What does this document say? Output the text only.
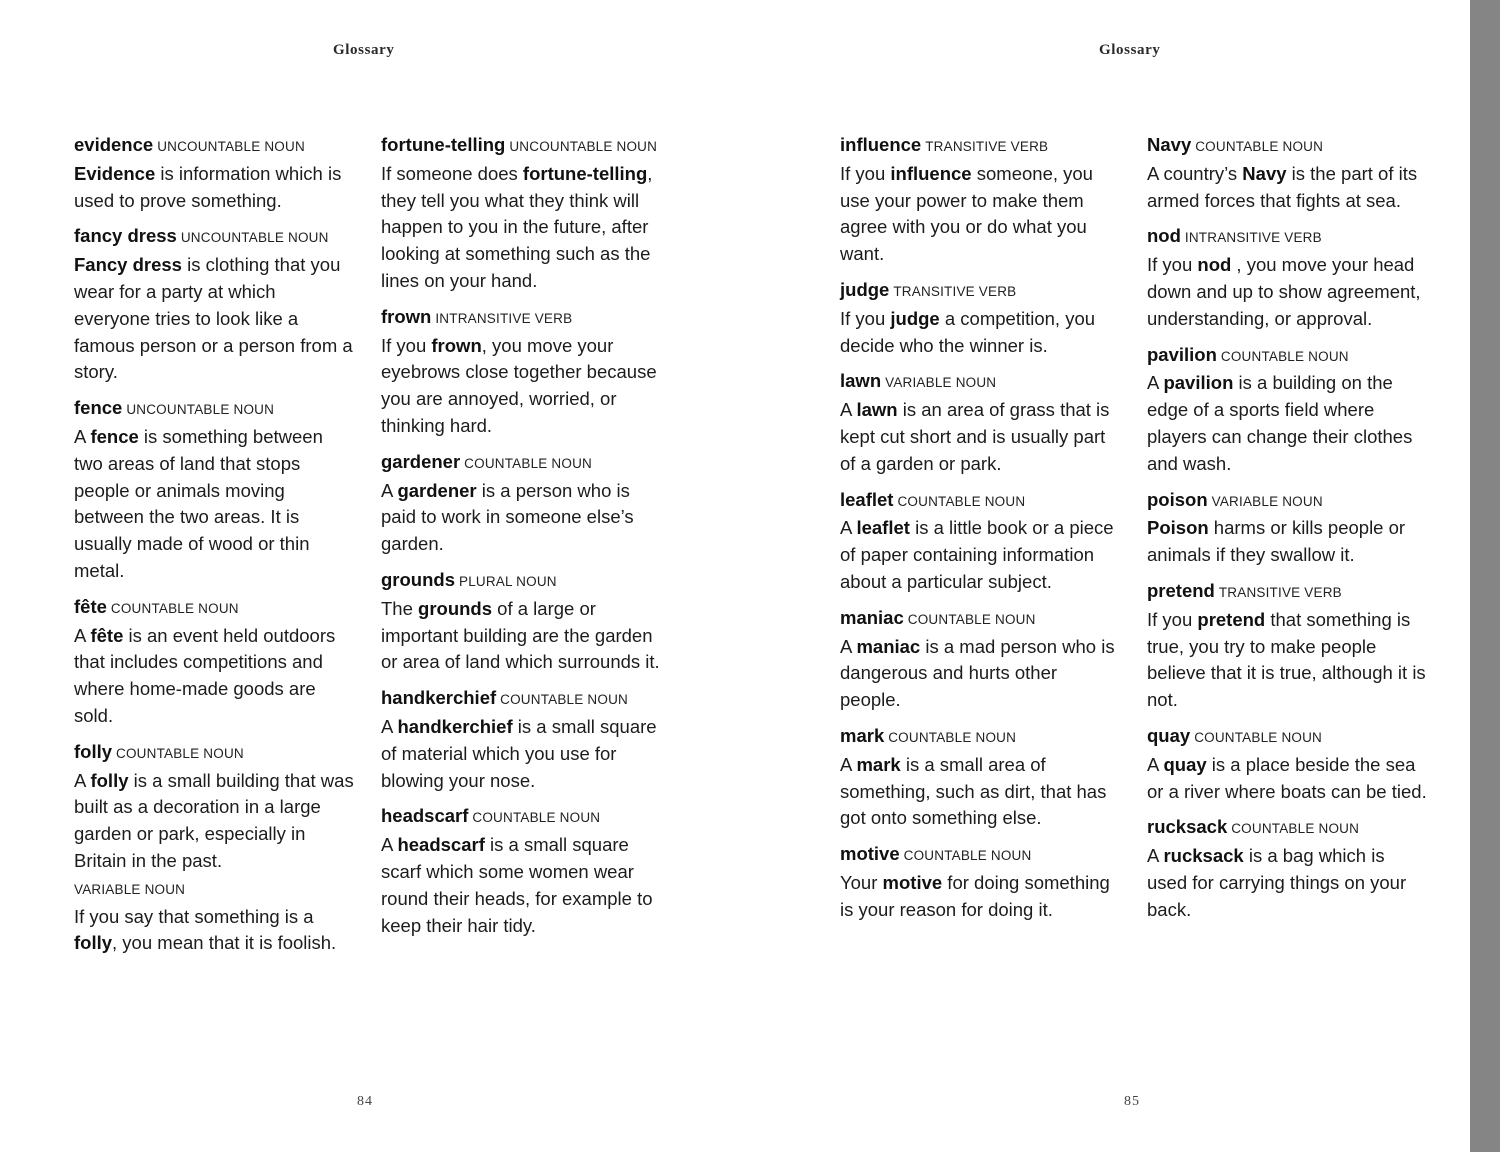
Glossary
evidence UNCOUNTABLE NOUN
Evidence is information which is used to prove something.
fancy dress UNCOUNTABLE NOUN
Fancy dress is clothing that you wear for a party at which everyone tries to look like a famous person or a person from a story.
fence UNCOUNTABLE NOUN
A fence is something between two areas of land that stops people or animals moving between the two areas. It is usually made of wood or thin metal.
fête COUNTABLE NOUN
A fête is an event held outdoors that includes competitions and where home-made goods are sold.
folly COUNTABLE NOUN
A folly is a small building that was built as a decoration in a large garden or park, especially in Britain in the past.
VARIABLE NOUN
If you say that something is a folly, you mean that it is foolish.
fortune-telling UNCOUNTABLE NOUN
If someone does fortune-telling, they tell you what they think will happen to you in the future, after looking at something such as the lines on your hand.
frown INTRANSITIVE VERB
If you frown, you move your eyebrows close together because you are annoyed, worried, or thinking hard.
gardener COUNTABLE NOUN
A gardener is a person who is paid to work in someone else’s garden.
grounds PLURAL NOUN
The grounds of a large or important building are the garden or area of land which surrounds it.
handkerchief COUNTABLE NOUN
A handkerchief is a small square of material which you use for blowing your nose.
headscarf COUNTABLE NOUN
A headscarf is a small square scarf which some women wear round their heads, for example to keep their hair tidy.
84
Glossary
influence TRANSITIVE VERB
If you influence someone, you use your power to make them agree with you or do what you want.
judge TRANSITIVE VERB
If you judge a competition, you decide who the winner is.
lawn VARIABLE NOUN
A lawn is an area of grass that is kept cut short and is usually part of a garden or park.
leaflet COUNTABLE NOUN
A leaflet is a little book or a piece of paper containing information about a particular subject.
maniac COUNTABLE NOUN
A maniac is a mad person who is dangerous and hurts other people.
mark COUNTABLE NOUN
A mark is a small area of something, such as dirt, that has got onto something else.
motive COUNTABLE NOUN
Your motive for doing something is your reason for doing it.
Navy COUNTABLE NOUN
A country’s Navy is the part of its armed forces that fights at sea.
nod INTRANSITIVE VERB
If you nod , you move your head down and up to show agreement, understanding, or approval.
pavilion COUNTABLE NOUN
A pavilion is a building on the edge of a sports field where players can change their clothes and wash.
poison VARIABLE NOUN
Poison harms or kills people or animals if they swallow it.
pretend TRANSITIVE VERB
If you pretend that something is true, you try to make people believe that it is true, although it is not.
quay COUNTABLE NOUN
A quay is a place beside the sea or a river where boats can be tied.
rucksack COUNTABLE NOUN
A rucksack is a bag which is used for carrying things on your back.
85
